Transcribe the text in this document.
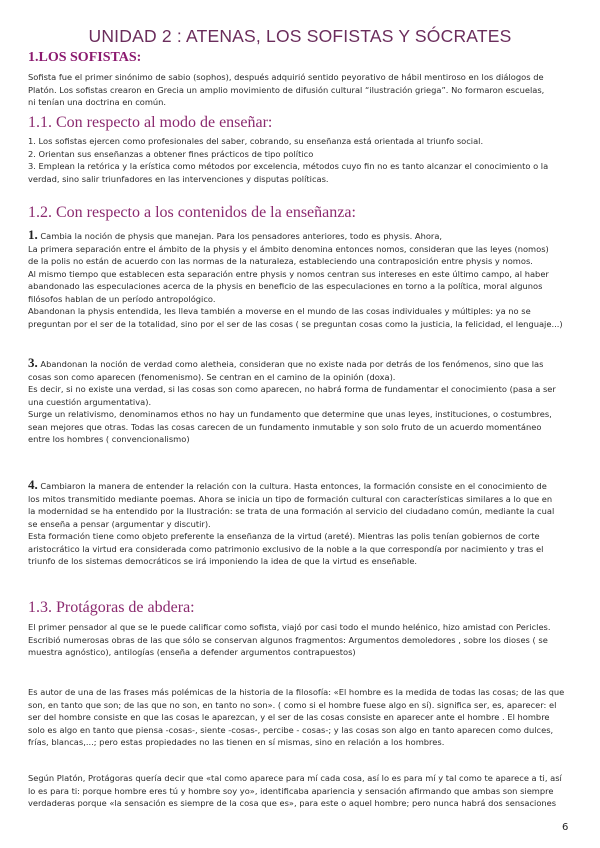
UNIDAD 2 : ATENAS, LOS SOFISTAS Y SÓCRATES
1.LOS SOFISTAS:

Sofista fue el primer sinónimo de sabio (sophos), después adquirió sentido peyorativo de hábil mentiroso en los diálogos de

Platón. Los sofistas crearon en Grecia un amplio movimiento de difusión cultural “ilustración griega”. No formaron escuelas,

ni tenían una doctrina en común.

1.1. Con respecto al modo de enseñar:

1. Los sofistas ejercen como profesionales del saber, cobrando, su enseñanza está orientada al triunfo social.

2. Orientan sus enseñanzas a obtener fines prácticos de tipo político

3. Emplean la retórica y la erística como métodos por excelencia, métodos cuyo fin no es tanto alcanzar el conocimiento o la

verdad, sino salir triunfadores en las intervenciones y disputas políticas.

1.2. Con respecto a los contenidos de la enseñanza:

1. Cambia la noción de physis que manejan. Para los pensadores anteriores, todo es physis. Ahora,

La primera separación entre el ámbito de la physis y el ámbito denomina entonces nomos, consideran que las leyes (nomos)

de la polis no están de acuerdo con las normas de la naturaleza, estableciendo una contraposición entre physis y nomos.

Al mismo tiempo que establecen esta separación entre physis y nomos centran sus intereses en este último campo, al haber

abandonado las especulaciones acerca de la physis en beneficio de las especulaciones en torno a la política, moral algunos

filósofos hablan de un período antropológico.

Abandonan la physis entendida, les lleva también a moverse en el mundo de las cosas individuales y múltiples: ya no se

preguntan por el ser de la totalidad, sino por el ser de las cosas ( se preguntan cosas como la justicia, la felicidad, el lenguaje...)

3. Abandonan la noción de verdad como aletheia, consideran que no existe nada por detrás de los fenómenos, sino que las

cosas son como aparecen (fenomenismo). Se centran en el camino de la opinión (doxa).

Es decir, si no existe una verdad, si las cosas son como aparecen, no habrá forma de fundamentar el conocimiento (pasa a ser

una cuestión argumentativa).

Surge un relativismo, denominamos ethos no hay un fundamento que determine que unas leyes, instituciones, o costumbres,

sean mejores que otras. Todas las cosas carecen de un fundamento inmutable y son solo fruto de un acuerdo momentáneo

entre los hombres ( convencionalismo)

4. Cambiaron la manera de entender la relación con la cultura. Hasta entonces, la formación consiste en el conocimiento de

los mitos transmitido mediante poemas. Ahora se inicia un tipo de formación cultural con características similares a lo que en

la modernidad se ha entendido por la Ilustración: se trata de una formación al servicio del ciudadano común, mediante la cual

se enseña a pensar (argumentar y discutir).

Esta formación tiene como objeto preferente la enseñanza de la virtud (areté). Mientras las polis tenían gobiernos de corte

aristocrático la virtud era considerada como patrimonio exclusivo de la noble a la que correspondía por nacimiento y tras el

triunfo de los sistemas democráticos se irá imponiendo la idea de que la virtud es enseñable.

1.3. Protágoras de abdera:

El primer pensador al que se le puede calificar como sofista, viajó por casi todo el mundo helénico, hizo amistad con Pericles.

Escribió numerosas obras de las que sólo se conservan algunos fragmentos: Argumentos demoledores , sobre los dioses ( se

muestra agnóstico), antilogías (enseña a defender argumentos contrapuestos)

Es autor de una de las frases más polémicas de la historia de la filosofía: «El hombre es la medida de todas las cosas; de las que

son, en tanto que son; de las que no son, en tanto no son». ( como si el hombre fuese algo en sí). significa ser, es, aparecer: el

ser del hombre consiste en que las cosas le aparezcan, y el ser de las cosas consiste en aparecer ante el hombre . El hombre

solo es algo en tanto que piensa -cosas-, siente -cosas-, percibe - cosas-; y las cosas son algo en tanto aparecen como dulces,

frías, blancas,...; pero estas propiedades no las tienen en sí mismas, sino en relación a los hombres.

Según Platón, Protágoras quería decir que «tal como aparece para mí cada cosa, así lo es para mí y tal como te aparece a ti, así

lo es para ti: porque hombre eres tú y hombre soy yo», identificaba apariencia y sensación afirmando que ambas son siempre

verdaderas porque «la sensación es siempre de la cosa que es», para este o aquel hombre; pero nunca habrá dos sensaciones

6
